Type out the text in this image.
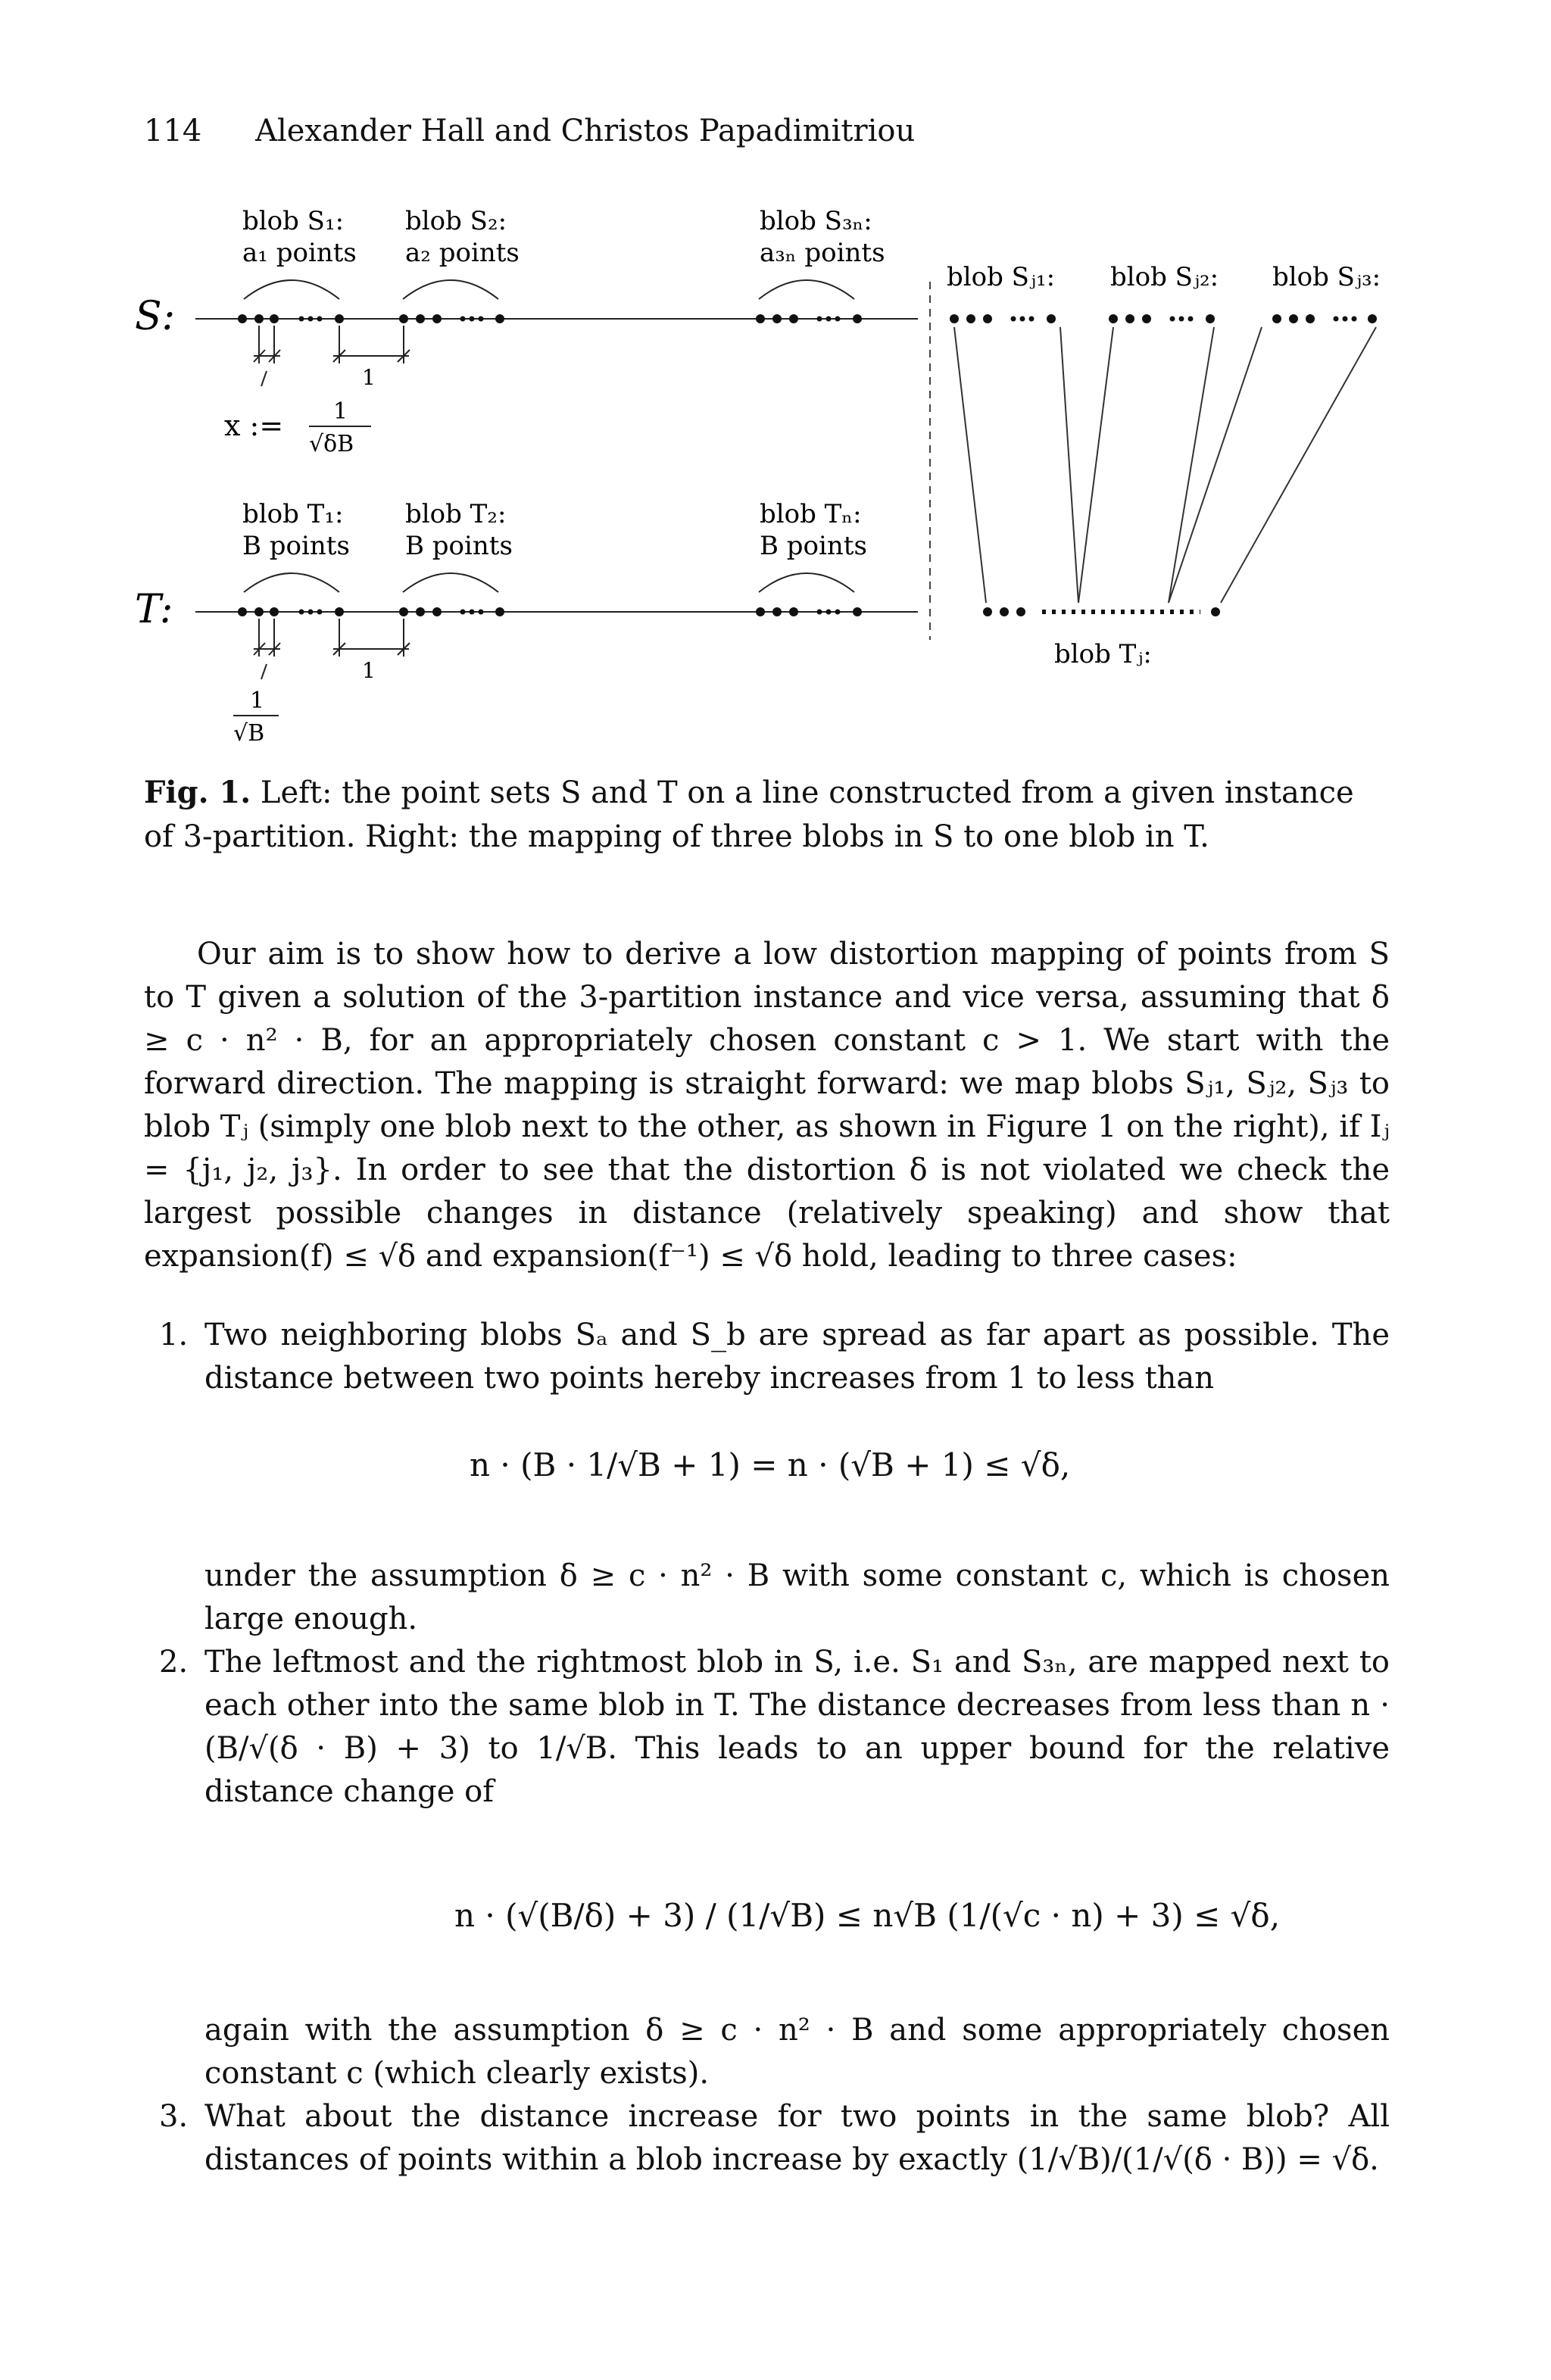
114 Alexander Hall and Christos Papadimitriou
S:
blob S₁:
a₁ points
blob S₂:
a₂ points
blob S₃ₙ:
a₃ₙ points
1
x := 1
√δB
T:
blob T₁:
B points
blob T₂:
B points
blob Tₙ:
B points
1
1
√B
blob Sⱼ₁: blob Sⱼ₂: blob Sⱼ₃:
blob Tⱼ:
Fig. 1. Left: the point sets S and T on a line constructed from a given instance of 3-partition. Right: the mapping of three blobs in S to one blob in T.
Our aim is to show how to derive a low distortion mapping of points from S to T given a solution of the 3-partition instance and vice versa, assuming that δ ≥ c · n² · B, for an appropriately chosen constant c > 1. We start with the forward direction. The mapping is straight forward: we map blobs Sⱼ₁, Sⱼ₂, Sⱼ₃ to blob Tⱼ (simply one blob next to the other, as shown in Figure 1 on the right), if Iⱼ = {j₁, j₂, j₃}. In order to see that the distortion δ is not violated we check the largest possible changes in distance (relatively speaking) and show that expansion(f) ≤ √δ and expansion(f⁻¹) ≤ √δ hold, leading to three cases:
1. Two neighboring blobs Sₐ and S_b are spread as far apart as possible. The distance between two points hereby increases from 1 to less than
n · (B · 1/√B + 1) = n · (√B + 1) ≤ √δ,
under the assumption δ ≥ c · n² · B with some constant c, which is chosen large enough.
2. The leftmost and the rightmost blob in S, i.e. S₁ and S₃ₙ, are mapped next to each other into the same blob in T. The distance decreases from less than n · (B/√(δ · B) + 3) to 1/√B. This leads to an upper bound for the relative distance change of
n · (√(B/δ) + 3) / (1/√B) ≤ n√B (1/(√c · n) + 3) ≤ √δ,
again with the assumption δ ≥ c · n² · B and some appropriately chosen constant c (which clearly exists).
3. What about the distance increase for two points in the same blob? All distances of points within a blob increase by exactly (1/√B)/(1/√(δ · B)) = √δ.
